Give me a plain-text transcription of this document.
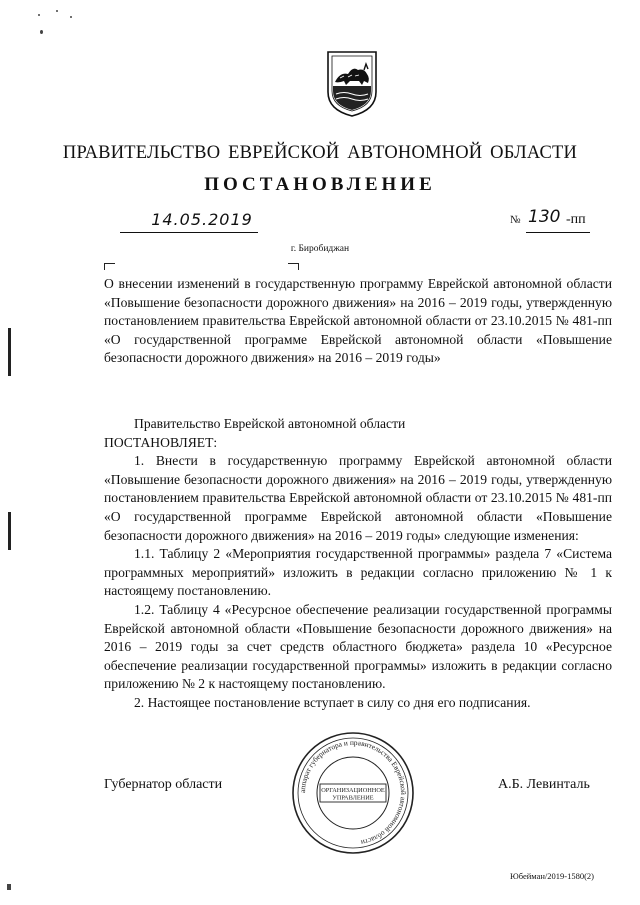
ПРАВИТЕЛЬСТВО ЕВРЕЙСКОЙ АВТОНОМНОЙ ОБЛАСТИ
ПОСТАНОВЛЕНИЕ
14.05.2019	№ 130 -пп
г. Биробиджан
О внесении изменений в государственную программу Еврейской автономной области «Повышение безопасности дорожного движения» на 2016 – 2019 годы, утвержденную постановлением правительства Еврейской автономной области от 23.10.2015 № 481-пп «О государственной программе Еврейской автономной области «Повышение безопасности дорожного движения» на 2016 – 2019 годы»

Правительство Еврейской автономной области

ПОСТАНОВЛЯЕТ:

1. Внести в государственную программу Еврейской автономной области «Повышение безопасности дорожного движения» на 2016 – 2019 годы, утвержденную постановлением правительства Еврейской автономной области от 23.10.2015 № 481-пп «О государственной программе Еврейской автономной области «Повышение безопасности дорожного движения» на 2016 – 2019 годы» следующие изменения:

1.1. Таблицу 2 «Мероприятия государственной программы» раздела 7 «Система программных мероприятий» изложить в редакции согласно приложению № 1 к настоящему постановлению.

1.2. Таблицу 4 «Ресурсное обеспечение реализации государственной программы Еврейской автономной области «Повышение безопасности дорожного движения» на 2016 – 2019 годы за счет средств областного бюджета» раздела 10 «Ресурсное обеспечение реализации государственной программы» изложить в редакции согласно приложению № 2 к настоящему постановлению.

2. Настоящее постановление вступает в силу со дня его подписания.

Губернатор области	А.Б. Левинталь
аппарат губернатора и правительства Еврейской автономной области
ОРГАНИЗАЦИОННОЕ
УПРАВЛЕНИЕ
Юбейман/2019-1580(2)
